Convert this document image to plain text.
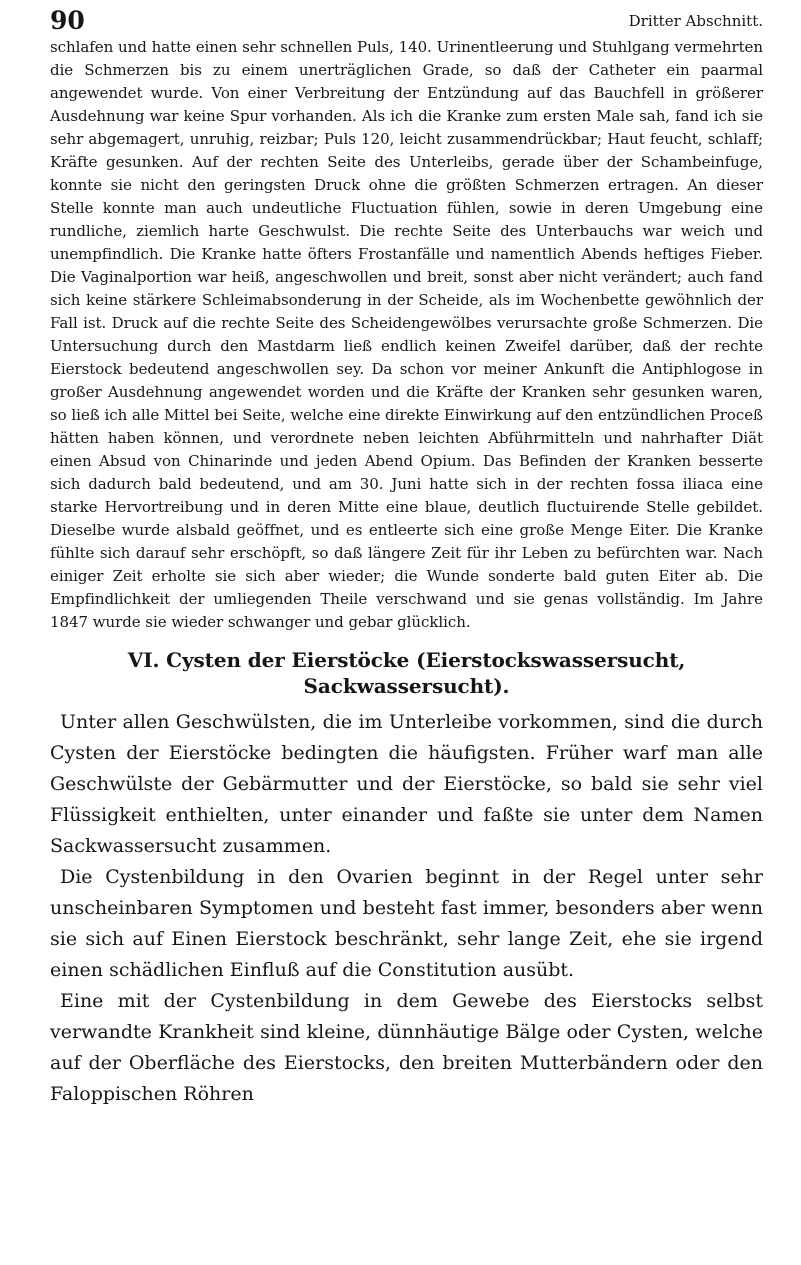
90	Dritter Abschnitt.

schlafen und hatte einen sehr schnellen Puls, 140. Urinentleerung und Stuhlgang vermehrten die Schmerzen bis zu einem unerträglichen Grade, so daß der Catheter ein paarmal angewendet wurde. Von einer Verbreitung der Entzündung auf das Bauchfell in größerer Ausdehnung war keine Spur vorhanden. Als ich die Kranke zum ersten Male sah, fand ich sie sehr abgemagert, unruhig, reizbar; Puls 120, leicht zusammendrückbar; Haut feucht, schlaff; Kräfte gesunken. Auf der rechten Seite des Unterleibs, gerade über der Schambeinfuge, konnte sie nicht den geringsten Druck ohne die größten Schmerzen ertragen. An dieser Stelle konnte man auch undeutliche Fluctuation fühlen, sowie in deren Umgebung eine rundliche, ziemlich harte Geschwulst. Die rechte Seite des Unterbauchs war weich und unempfindlich. Die Kranke hatte öfters Frostanfälle und namentlich Abends heftiges Fieber. Die Vaginalportion war heiß, angeschwollen und breit, sonst aber nicht verändert; auch fand sich keine stärkere Schleimabsonderung in der Scheide, als im Wochenbette gewöhnlich der Fall ist. Druck auf die rechte Seite des Scheidengewölbes verursachte große Schmerzen. Die Untersuchung durch den Mastdarm ließ endlich keinen Zweifel darüber, daß der rechte Eierstock bedeutend angeschwollen sey. Da schon vor meiner Ankunft die Antiphlogose in großer Ausdehnung angewendet worden und die Kräfte der Kranken sehr gesunken waren, so ließ ich alle Mittel bei Seite, welche eine direkte Einwirkung auf den entzündlichen Proceß hätten haben können, und verordnete neben leichten Abführmitteln und nahrhafter Diät einen Absud von Chinarinde und jeden Abend Opium. Das Befinden der Kranken besserte sich dadurch bald bedeutend, und am 30. Juni hatte sich in der rechten fossa iliaca eine starke Hervortreibung und in deren Mitte eine blaue, deutlich fluctuirende Stelle gebildet. Dieselbe wurde alsbald geöffnet, und es entleerte sich eine große Menge Eiter. Die Kranke fühlte sich darauf sehr erschöpft, so daß längere Zeit für ihr Leben zu befürchten war. Nach einiger Zeit erholte sie sich aber wieder; die Wunde sonderte bald guten Eiter ab. Die Empfindlichkeit der umliegenden Theile verschwand und sie genas vollständig. Im Jahre 1847 wurde sie wieder schwanger und gebar glücklich.

VI. Cysten der Eierstöcke (Eierstockswassersucht, Sackwassersucht).

Unter allen Geschwülsten, die im Unterleibe vorkommen, sind die durch Cysten der Eierstöcke bedingten die häufigsten. Früher warf man alle Geschwülste der Gebärmutter und der Eierstöcke, so bald sie sehr viel Flüssigkeit enthielten, unter einander und faßte sie unter dem Namen Sackwassersucht zusammen.

Die Cystenbildung in den Ovarien beginnt in der Regel unter sehr unscheinbaren Symptomen und besteht fast immer, besonders aber wenn sie sich auf Einen Eierstock beschränkt, sehr lange Zeit, ehe sie irgend einen schädlichen Einfluß auf die Constitution ausübt.

Eine mit der Cystenbildung in dem Gewebe des Eierstocks selbst verwandte Krankheit sind kleine, dünnhäutige Bälge oder Cysten, welche auf der Oberfläche des Eierstocks, den breiten Mutterbändern oder den Faloppischen Röhren
